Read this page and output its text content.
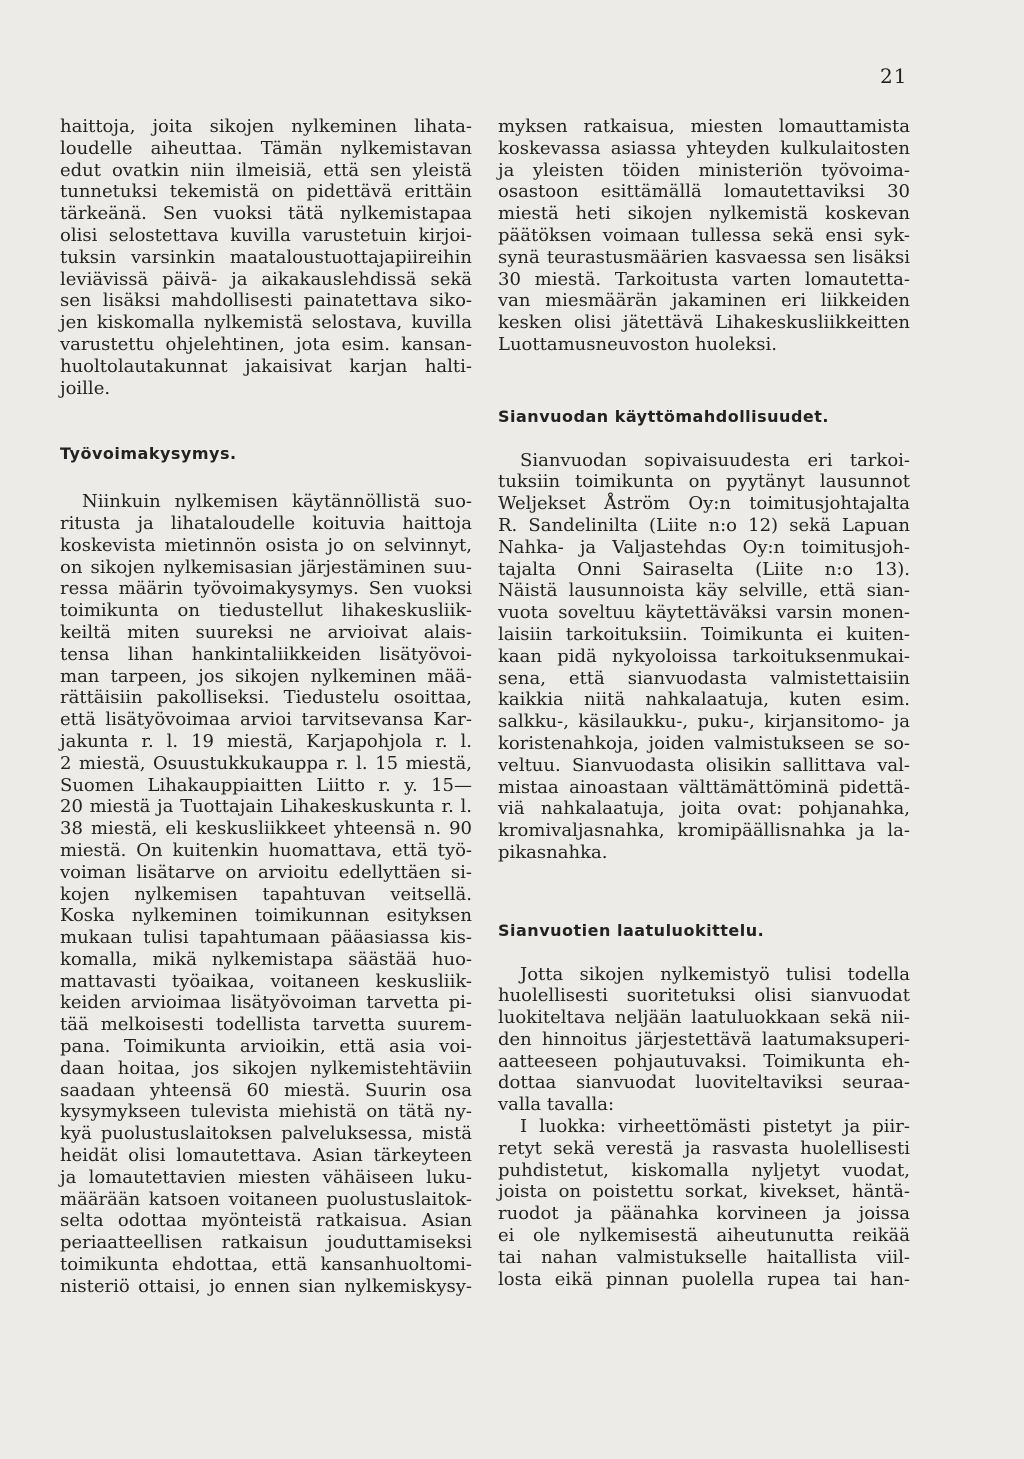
21
haittoja, joita sikojen nylkeminen lihata-
loudelle aiheuttaa. Tämän nylkemistavan
edut ovatkin niin ilmeisiä, että sen yleistä
tunnetuksi tekemistä on pidettävä erittäin
tärkeänä. Sen vuoksi tätä nylkemistapaa
olisi selostettava kuvilla varustetuin kirjoi-
tuksin varsinkin maataloustuottajapiireihin
leviävissä päivä- ja aikakauslehdissä sekä
sen lisäksi mahdollisesti painatettava siko-
jen kiskomalla nylkemistä selostava, kuvilla
varustettu ohjelehtinen, jota esim. kansan-
huoltolautakunnat jakaisivat karjan halti-
joille.
Työvoimakysymys.
Niinkuin nylkemisen käytännöllistä suo-
ritusta ja lihataloudelle koituvia haittoja
koskevista mietinnön osista jo on selvinnyt,
on sikojen nylkemisasian järjestäminen suu-
ressa määrin työvoimakysymys. Sen vuoksi
toimikunta on tiedustellut lihakeskusliik-
keiltä miten suureksi ne arvioivat alais-
tensa lihan hankintaliikkeiden lisätyövoi-
man tarpeen, jos sikojen nylkeminen mää-
rättäisiin pakolliseksi. Tiedustelu osoittaa,
että lisätyövoimaa arvioi tarvitsevansa Kar-
jakunta r. l. 19 miestä, Karjapohjola r. l.
2 miestä, Osuustukkukauppa r. l. 15 miestä,
Suomen Lihakauppiaitten Liitto r. y. 15—
20 miestä ja Tuottajain Lihakeskuskunta r. l.
38 miestä, eli keskusliikkeet yhteensä n. 90
miestä. On kuitenkin huomattava, että työ-
voiman lisätarve on arvioitu edellyttäen si-
kojen nylkemisen tapahtuvan veitsellä.
Koska nylkeminen toimikunnan esityksen
mukaan tulisi tapahtumaan pääasiassa kis-
komalla, mikä nylkemistapa säästää huo-
mattavasti työaikaa, voitaneen keskusliik-
keiden arvioimaa lisätyövoiman tarvetta pi-
tää melkoisesti todellista tarvetta suurem-
pana. Toimikunta arvioikin, että asia voi-
daan hoitaa, jos sikojen nylkemistehtäviin
saadaan yhteensä 60 miestä. Suurin osa
kysymykseen tulevista miehistä on tätä ny-
kyä puolustuslaitoksen palveluksessa, mistä
heidät olisi lomautettava. Asian tärkeyteen
ja lomautettavien miesten vähäiseen luku-
määrään katsoen voitaneen puolustuslaitok-
selta odottaa myönteistä ratkaisua. Asian
periaatteellisen ratkaisun jouduttamiseksi
toimikunta ehdottaa, että kansanhuoltomi-
nisteriö ottaisi, jo ennen sian nylkemiskysy-
myksen ratkaisua, miesten lomauttamista
koskevassa asiassa yhteyden kulkulaitosten
ja yleisten töiden ministeriön työvoima-
osastoon esittämällä lomautettaviksi 30
miestä heti sikojen nylkemistä koskevan
päätöksen voimaan tullessa sekä ensi syk-
synä teurastusmäärien kasvaessa sen lisäksi
30 miestä. Tarkoitusta varten lomautetta-
van miesmäärän jakaminen eri liikkeiden
kesken olisi jätettävä Lihakeskusliikkeitten
Luottamusneuvoston huoleksi.
Sianvuodan käyttömahdollisuudet.
Sianvuodan sopivaisuudesta eri tarkoi-
tuksiin toimikunta on pyytänyt lausunnot
Weljekset Åström Oy:n toimitusjohtajalta
R. Sandelinilta (Liite n:o 12) sekä Lapuan
Nahka- ja Valjastehdas Oy:n toimitusjoh-
tajalta Onni Sairaselta (Liite n:o 13).
Näistä lausunnoista käy selville, että sian-
vuota soveltuu käytettäväksi varsin monen-
laisiin tarkoituksiin. Toimikunta ei kuiten-
kaan pidä nykyoloissa tarkoituksenmukai-
sena, että sianvuodasta valmistettaisiin
kaikkia niitä nahkalaatuja, kuten esim.
salkku-, käsilaukku-, puku-, kirjansitomo- ja
koristenahkoja, joiden valmistukseen se so-
veltuu. Sianvuodasta olisikin sallittava val-
mistaa ainoastaan välttämättöminä pidettä-
viä nahkalaatuja, joita ovat: pohjanahka,
kromivaljasnahka, kromipäällisnahka ja la-
pikasnahka.
Sianvuotien laatuluokittelu.
Jotta sikojen nylkemistyö tulisi todella
huolellisesti suoritetuksi olisi sianvuodat
luokiteltava neljään laatuluokkaan sekä nii-
den hinnoitus järjestettävä laatumaksuperi-
aatteeseen pohjautuvaksi. Toimikunta eh-
dottaa sianvuodat luoviteltaviksi seuraa-
valla tavalla:
I luokka: virheettömästi pistetyt ja piir-
retyt sekä verestä ja rasvasta huolellisesti
puhdistetut, kiskomalla nyljetyt vuodat,
joista on poistettu sorkat, kivekset, häntä-
ruodot ja päänahka korvineen ja joissa
ei ole nylkemisestä aiheutunutta reikää
tai nahan valmistukselle haitallista viil-
losta eikä pinnan puolella rupea tai han-
